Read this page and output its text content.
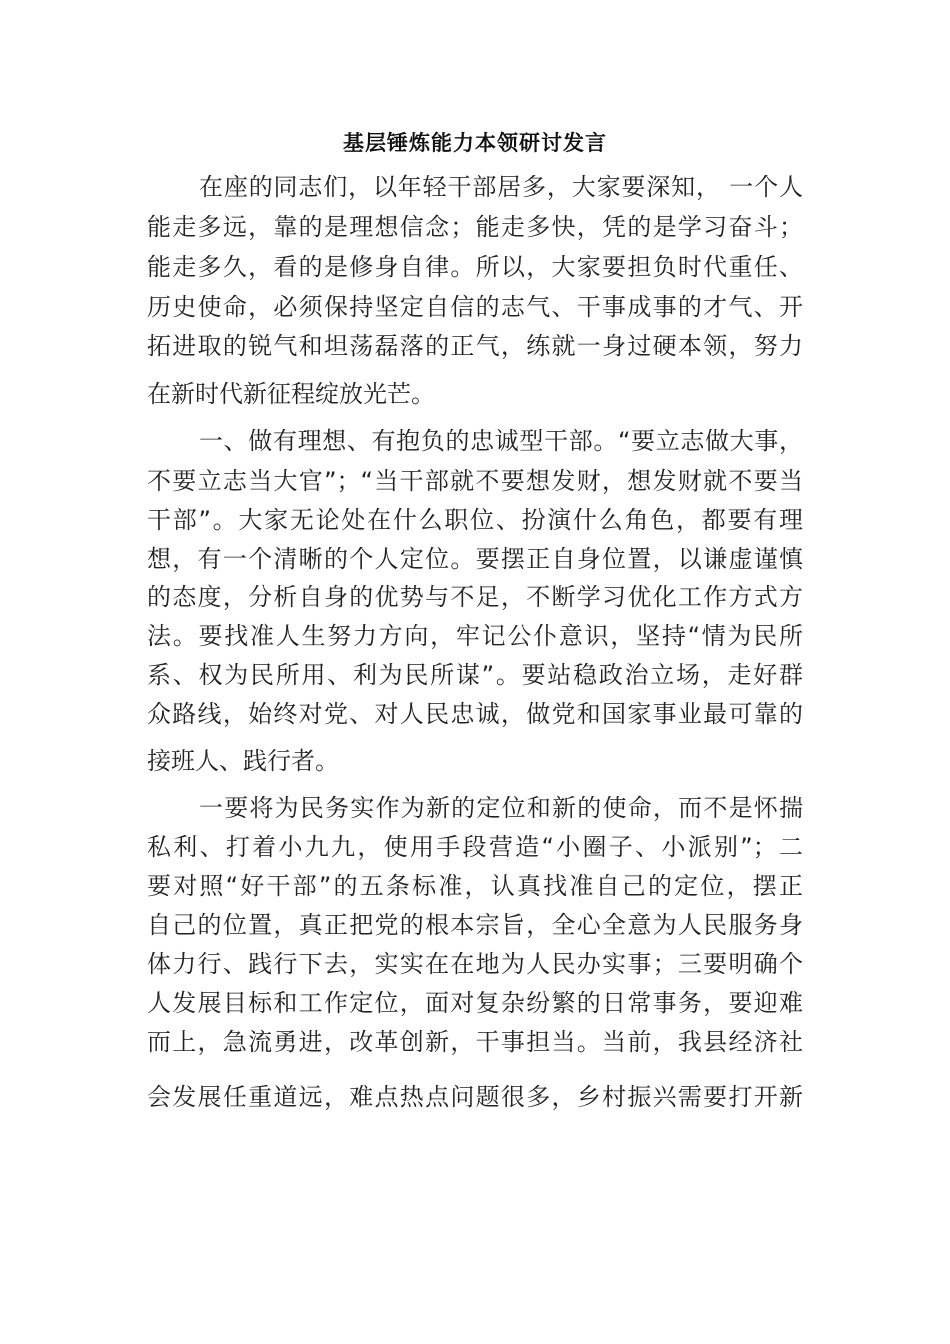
基层锤炼能力本领研讨发言
在座的同志们，以年轻干部居多，大家要深知， 一个人
能走多远，靠的是理想信念；能走多快，凭的是学习奋斗；
能走多久，看的是修身自律。所以，大家要担负时代重任、
历史使命，必须保持坚定自信的志气、干事成事的才气、开
拓进取的锐气和坦荡磊落的正气，练就一身过硬本领，努力
在新时代新征程绽放光芒。
一、做有理想、有抱负的忠诚型干部。“要立志做大事，
不要立志当大官”；“当干部就不要想发财，想发财就不要当
干部”。大家无论处在什么职位、扮演什么角色，都要有理
想，有一个清晰的个人定位。要摆正自身位置，以谦虚谨慎
的态度，分析自身的优势与不足，不断学习优化工作方式方
法。要找准人生努力方向，牢记公仆意识，坚持“情为民所
系、权为民所用、利为民所谋”。要站稳政治立场，走好群
众路线，始终对党、对人民忠诚，做党和国家事业最可靠的
接班人、践行者。
一要将为民务实作为新的定位和新的使命，而不是怀揣
私利、打着小九九，使用手段营造“小圈子、小派别”；二
要对照“好干部”的五条标准，认真找准自己的定位，摆正
自己的位置，真正把党的根本宗旨，全心全意为人民服务身
体力行、践行下去，实实在在地为人民办实事；三要明确个
人发展目标和工作定位，面对复杂纷繁的日常事务，要迎难
而上，急流勇进，改革创新，干事担当。当前，我县经济社
会发展任重道远，难点热点问题很多，乡村振兴需要打开新
